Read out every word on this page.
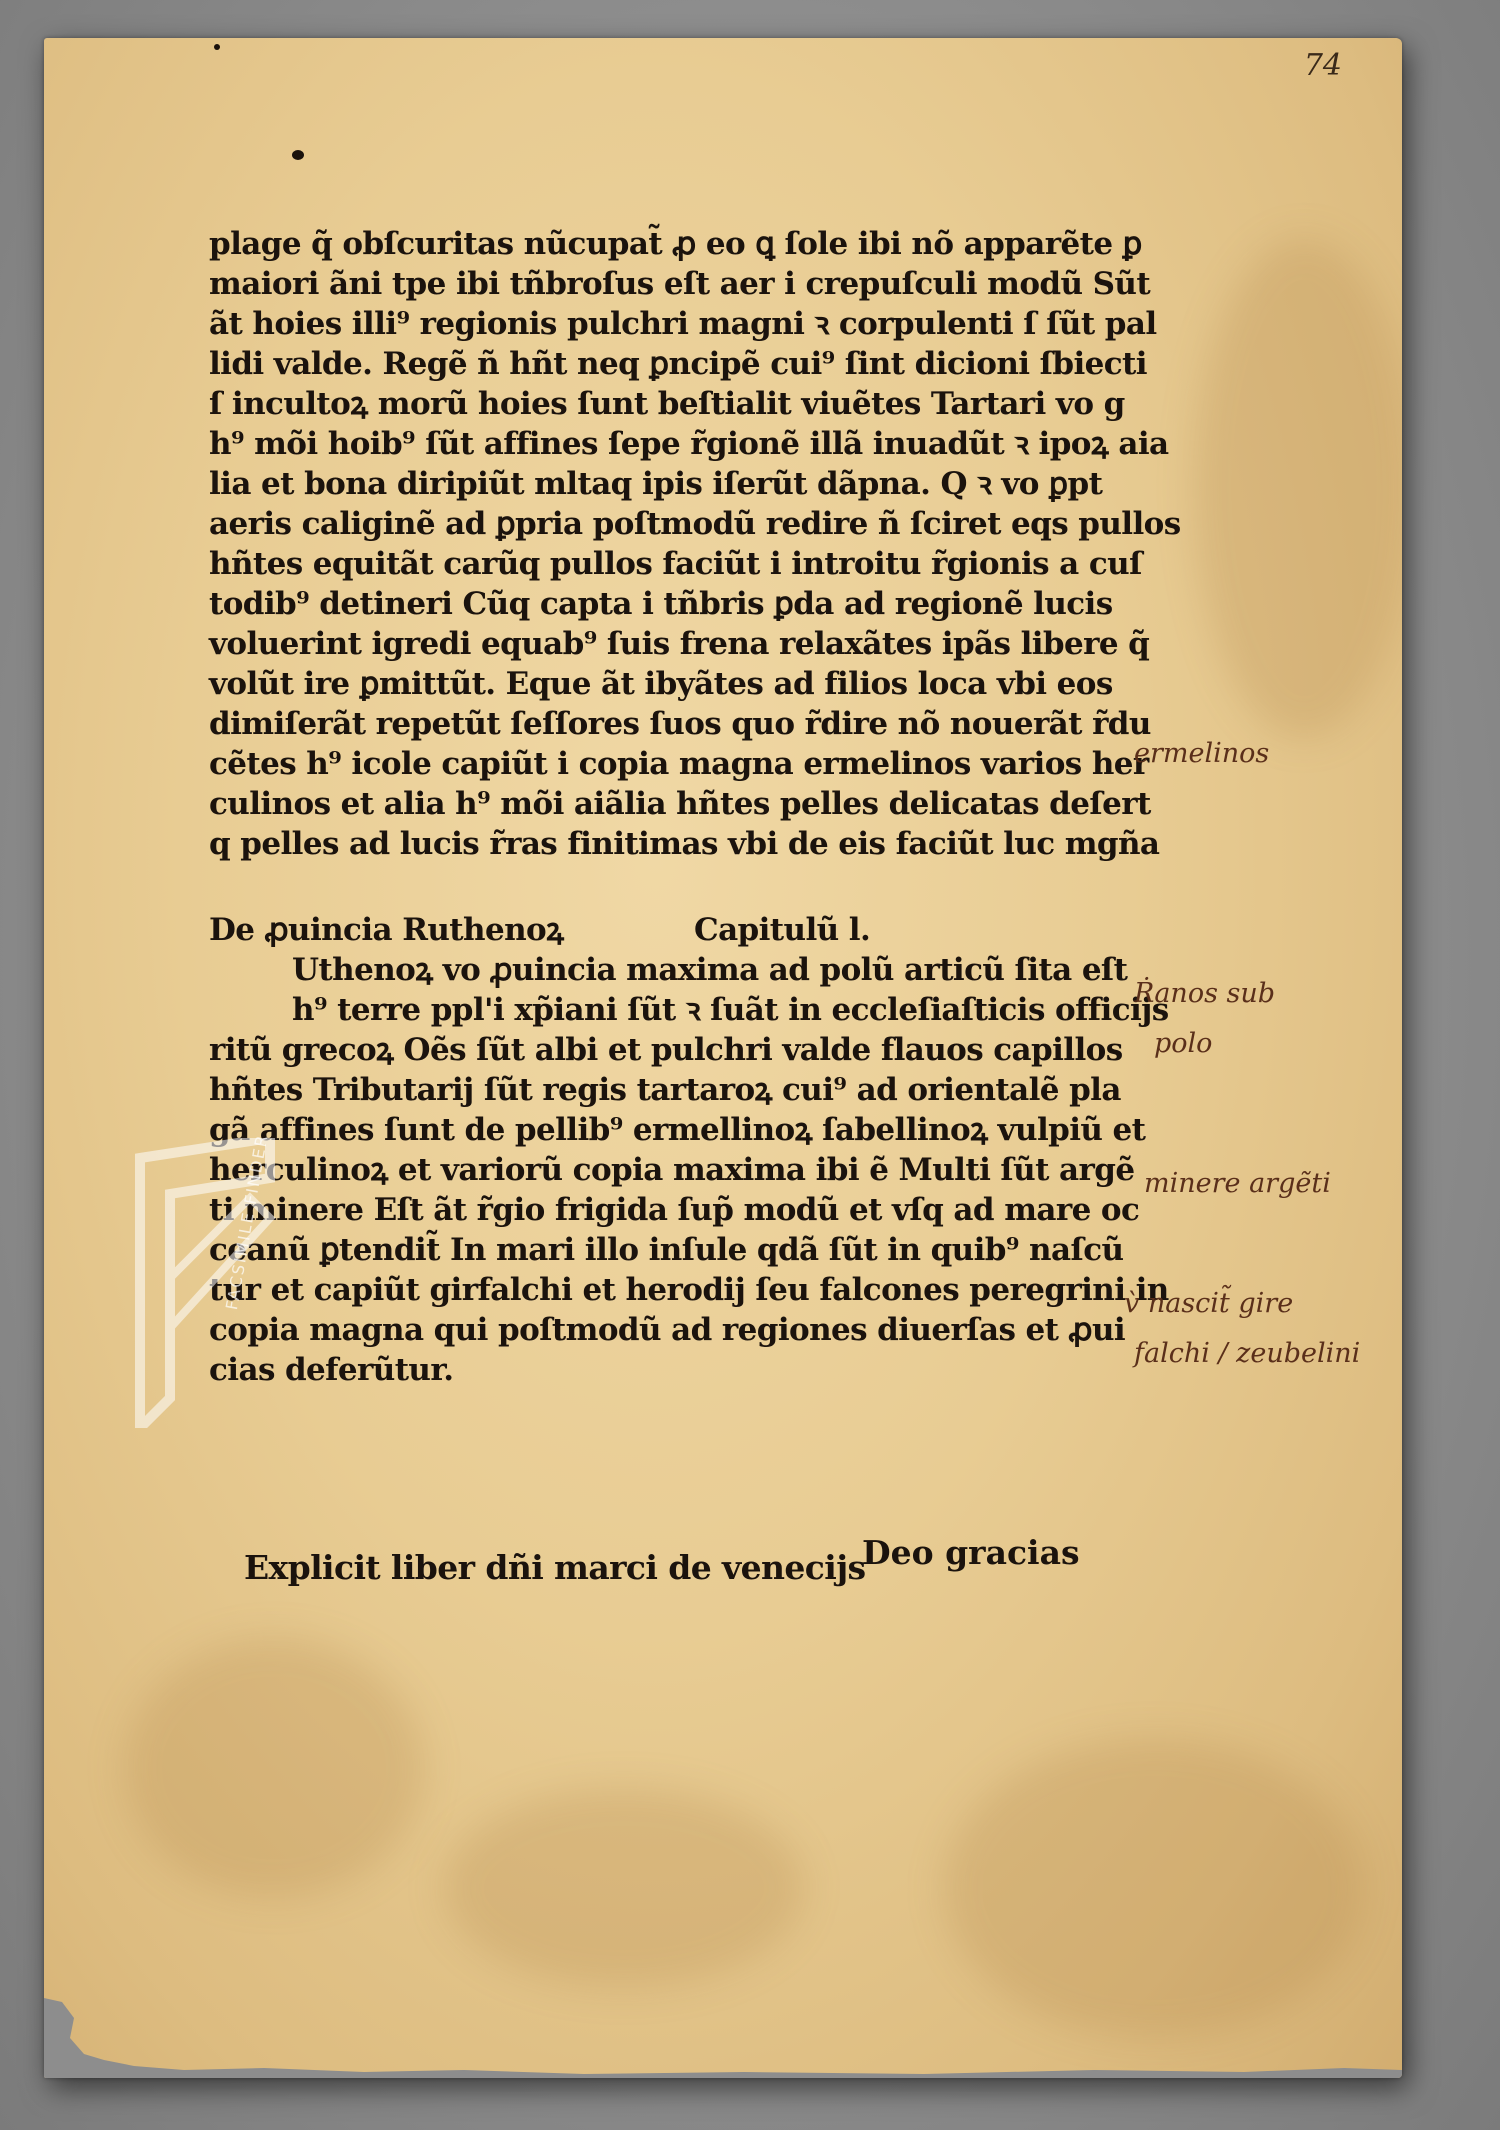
74
plage q̃ obſcuritas nũcupat̃ ꝓ eo ꝗ ſole ibi nõ apparẽte ꝑ
maiori ãni tpe ibi tñbroſus eſt aer i crepuſculi modũ Sũt
ãt hoies illi⁹ regionis pulchri magni ꝛ corpulenti ſ ſũt pal
lidi valde. Regẽ ñ hñt neq ꝑncipẽ cui⁹ ſint dicioni ſbiecti
ſ incultoꝝ morũ hoies ſunt beſtialit viuẽtes Tartari vo g
h⁹ mõi hoib⁹ ſũt affines ſepe r̃gionẽ illã inuadũt ꝛ ipoꝝ aia
lia et bona diripiũt mltaq ipis iſerũt dãpna. Q ꝛ vo ꝑpt
aeris caliginẽ ad ꝑpria poſtmodũ redire ñ ſciret eqs pullos
hñtes equitãt carũq pullos faciũt i introitu r̃gionis a cuſ
todib⁹ detineri Cũq capta i tñbris ꝑda ad regionẽ lucis
voluerint igredi equab⁹ ſuis frena relaxãtes ipãs libere q̃
volũt ire ꝑmittũt. Eque ãt ibyãtes ad filios loca vbi eos
dimiſerãt repetũt ſeſſores ſuos quo r̃dire nõ nouerãt r̃du
cẽtes h⁹ icole capiũt i copia magna ermelinos varios her
culinos et alia h⁹ mõi aiãlia hñtes pelles delicatas deſert
q pelles ad lucis r̃ras finitimas vbi de eis faciũt luc mgña
De ꝓuincia Ruthenoꝝ	Capitulũ l.
Uthenoꝝ vo ꝓuincia maxima ad polũ articũ ſita eſt
h⁹ terre ppl'i xp̃iani ſũt ꝛ ſuãt in eccleſiaſticis officijs
ritũ grecoꝝ Oẽs ſũt albi et pulchri valde flauos capillos
hñtes Tributarij ſũt regis tartaroꝝ cui⁹ ad orientalẽ pla
gã affines ſunt de pellib⁹ ermellinoꝝ ſabellinoꝝ vulpiũ et
herculinoꝝ et variorũ copia maxima ibi ẽ Multi ſũt argẽ
ti minere Eſt ãt r̃gio frigida ſup̃ modũ et vſq ad mare oc
ceanũ ꝑtendit̃ In mari illo inſule qdã ſũt in quib⁹ naſcũ
tur et capiũt girfalchi et herodij ſeu falcones peregrini in
copia magna qui poſtmodũ ad regiones diuerſas et ꝓui
cias deferũtur.
Explicit liber dñi marci de venecijs
Deo gracias
ermelinos
Ṙanos sub
polo
minere argẽti
v̀ nascit̃ gire
falchi / zeubelini
FACSIMILE FINDER
